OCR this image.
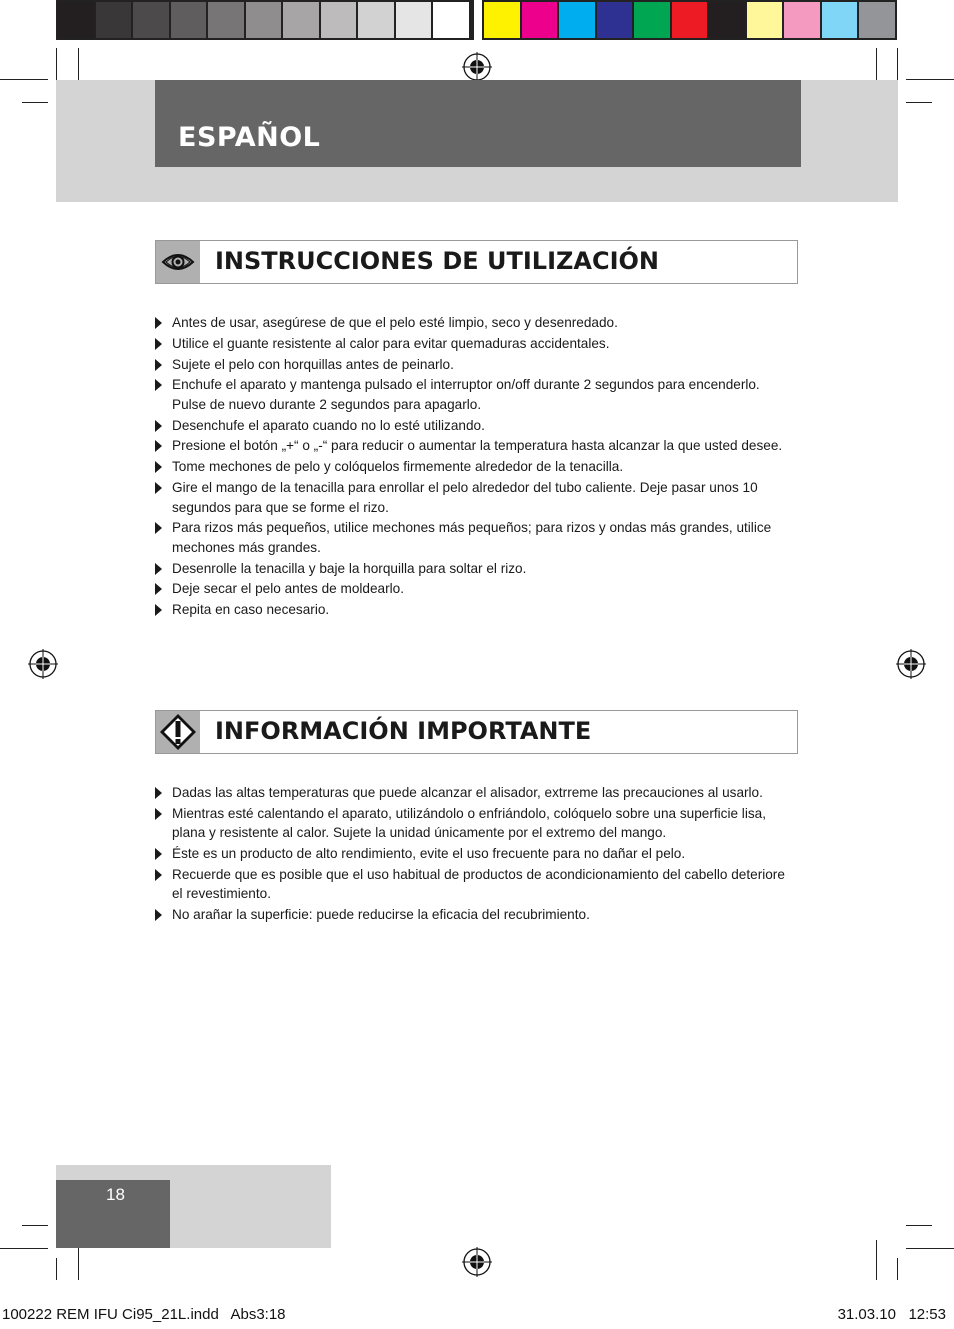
ESPAÑOL
INSTRUCCIONES DE UTILIZACIÓN
Antes de usar, asegúrese de que el pelo esté limpio, seco y desenredado.
Utilice el guante resistente al calor para evitar quemaduras accidentales.
Sujete el pelo con horquillas antes de peinarlo.
Enchufe el aparato y mantenga pulsado el interruptor on/off durante 2 segundos para encenderlo. Pulse de nuevo durante 2 segundos para apagarlo.
Desenchufe el aparato cuando no lo esté utilizando.
Presione el botón „+“ o „-“ para reducir o aumentar la temperatura hasta alcanzar la que usted desee.
Tome mechones de pelo y colóquelos firmemente alrededor de la tenacilla.
Gire el mango de la tenacilla para enrollar el pelo alrededor del tubo caliente. Deje pasar unos 10 segundos para que se forme el rizo.
Para rizos más pequeños, utilice mechones más pequeños; para rizos y ondas más grandes, utilice mechones más grandes.
Desenrolle la tenacilla y baje la horquilla para soltar el rizo.
Deje secar el pelo antes de moldearlo.
Repita en caso necesario.
INFORMACIÓN IMPORTANTE
Dadas las altas temperaturas que puede alcanzar el alisador, extrreme las precauciones al usarlo.
Mientras esté calentando el aparato, utilizándolo o enfriándolo, colóquelo sobre una superficie lisa, plana y resistente al calor. Sujete la unidad únicamente por el extremo del mango.
Éste es un producto de alto rendimiento, evite el uso frecuente para no dañar el pelo.
Recuerde que es posible que el uso habitual de productos de acondicionamiento del cabello deteriore el revestimiento.
No arañar la superficie: puede reducirse la eficacia del recubrimiento.
18
100222 REM IFU Ci95_21L.indd   Abs3:18	31.03.10   12:53
